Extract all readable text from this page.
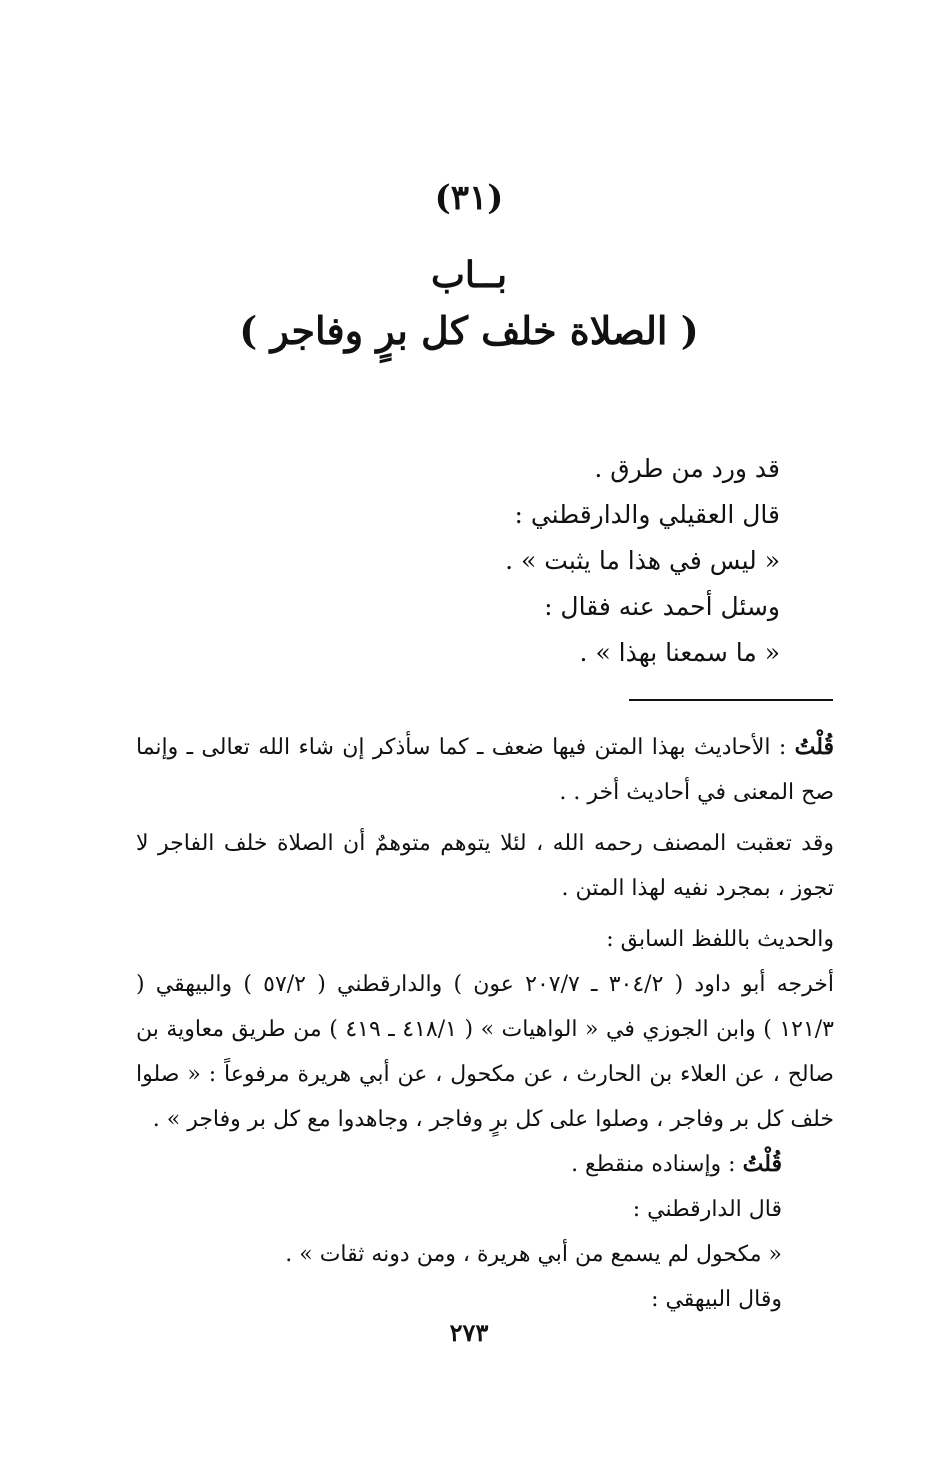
(٣١)
بــاب
( الصلاة خلف كل برٍ وفاجر )
قد ورد من طرق .
قال العقيلي والدارقطني :
« ليس في هذا ما يثبت » .
وسئل أحمد عنه فقال :
« ما سمعنا بهذا » .

قُلْتُ : الأحاديث بهذا المتن فيها ضعف ـ كما سأذكر إن شاء الله تعالى ـ وإنما صح المعنى في أحاديث أخر . .

وقد تعقبت المصنف رحمه الله ، لئلا يتوهم متوهمٌ أن الصلاة خلف الفاجر لا تجوز ، بمجرد نفيه لهذا المتن .

والحديث باللفظ السابق :
أخرجه أبو داود ( ٣٠٤/٢ ـ ٢٠٧/٧ عون ) والدارقطني ( ٥٧/٢ ) والبيهقي ( ١٢١/٣ ) وابن الجوزي في « الواهيات » ( ٤١٨/١ ـ ٤١٩ ) من طريق معاوية بن صالح ، عن العلاء بن الحارث ، عن مكحول ، عن أبي هريرة مرفوعاً : « صلوا خلف كل بر وفاجر ، وصلوا على كل برٍ وفاجر ، وجاهدوا مع كل بر وفاجر » .

قُلْتُ : وإسناده منقطع .

قال الدارقطني :

« مكحول لم يسمع من أبي هريرة ، ومن دونه ثقات » .

وقال البيهقي :

٢٧٣
